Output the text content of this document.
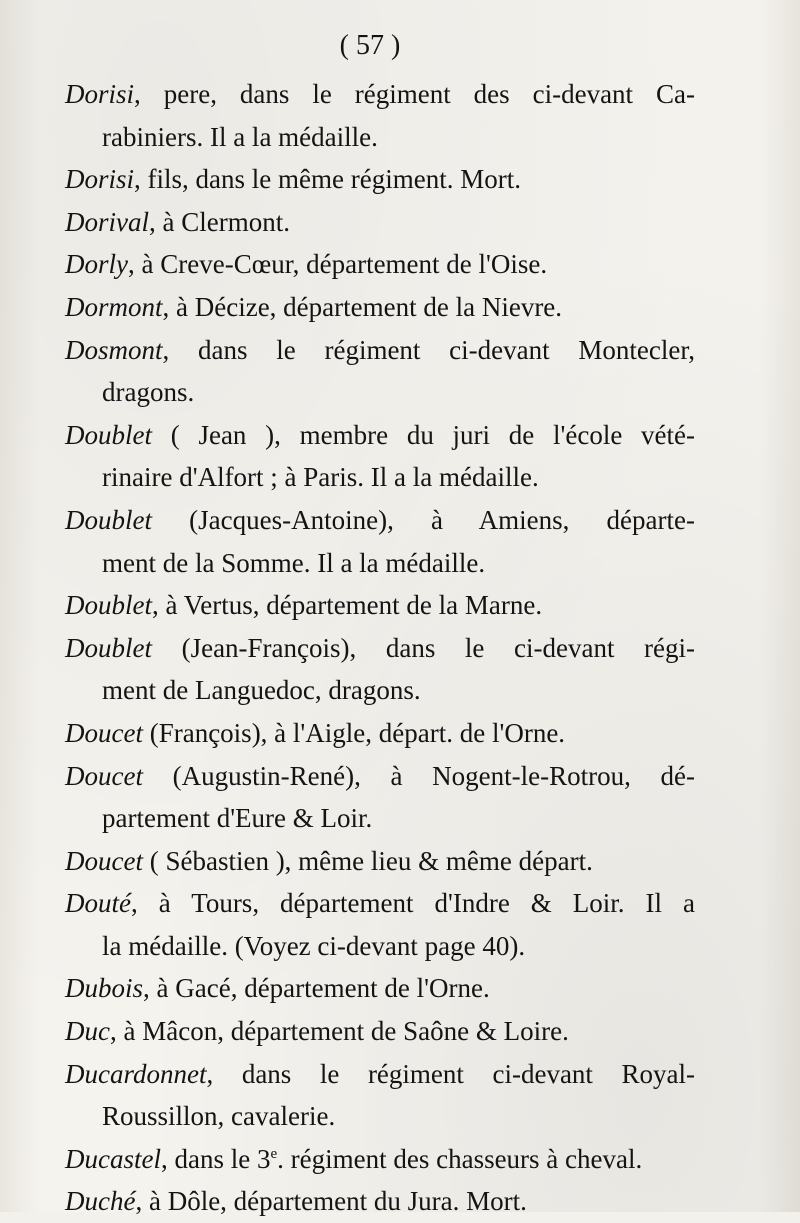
( 57 )
Dorisi, pere, dans le régiment des ci-devant Ca-
rabiniers. Il a la médaille.
Dorisi, fils, dans le même régiment. Mort.
Dorival, à Clermont.
Dorly, à Creve-Cœur, département de l'Oise.
Dormont, à Décize, département de la Nievre.
Dosmont, dans le régiment ci-devant Montecler,
dragons.
Doublet ( Jean ), membre du juri de l'école vété-
rinaire d'Alfort ; à Paris. Il a la médaille.
Doublet (Jacques-Antoine), à Amiens, départe-
ment de la Somme. Il a la médaille.
Doublet, à Vertus, département de la Marne.
Doublet (Jean-François), dans le ci-devant régi-
ment de Languedoc, dragons.
Doucet (François), à l'Aigle, départ. de l'Orne.
Doucet (Augustin-René), à Nogent-le-Rotrou, dé-
partement d'Eure & Loir.
Doucet ( Sébastien ), même lieu & même départ.
Douté, à Tours, département d'Indre & Loir. Il a
la médaille. (Voyez ci-devant page 40).
Dubois, à Gacé, département de l'Orne.
Duc, à Mâcon, département de Saône & Loire.
Ducardonnet, dans le régiment ci-devant Royal-
Roussillon, cavalerie.
Ducastel, dans le 3e. régiment des chasseurs à cheval.
Duché, à Dôle, département du Jura. Mort.
